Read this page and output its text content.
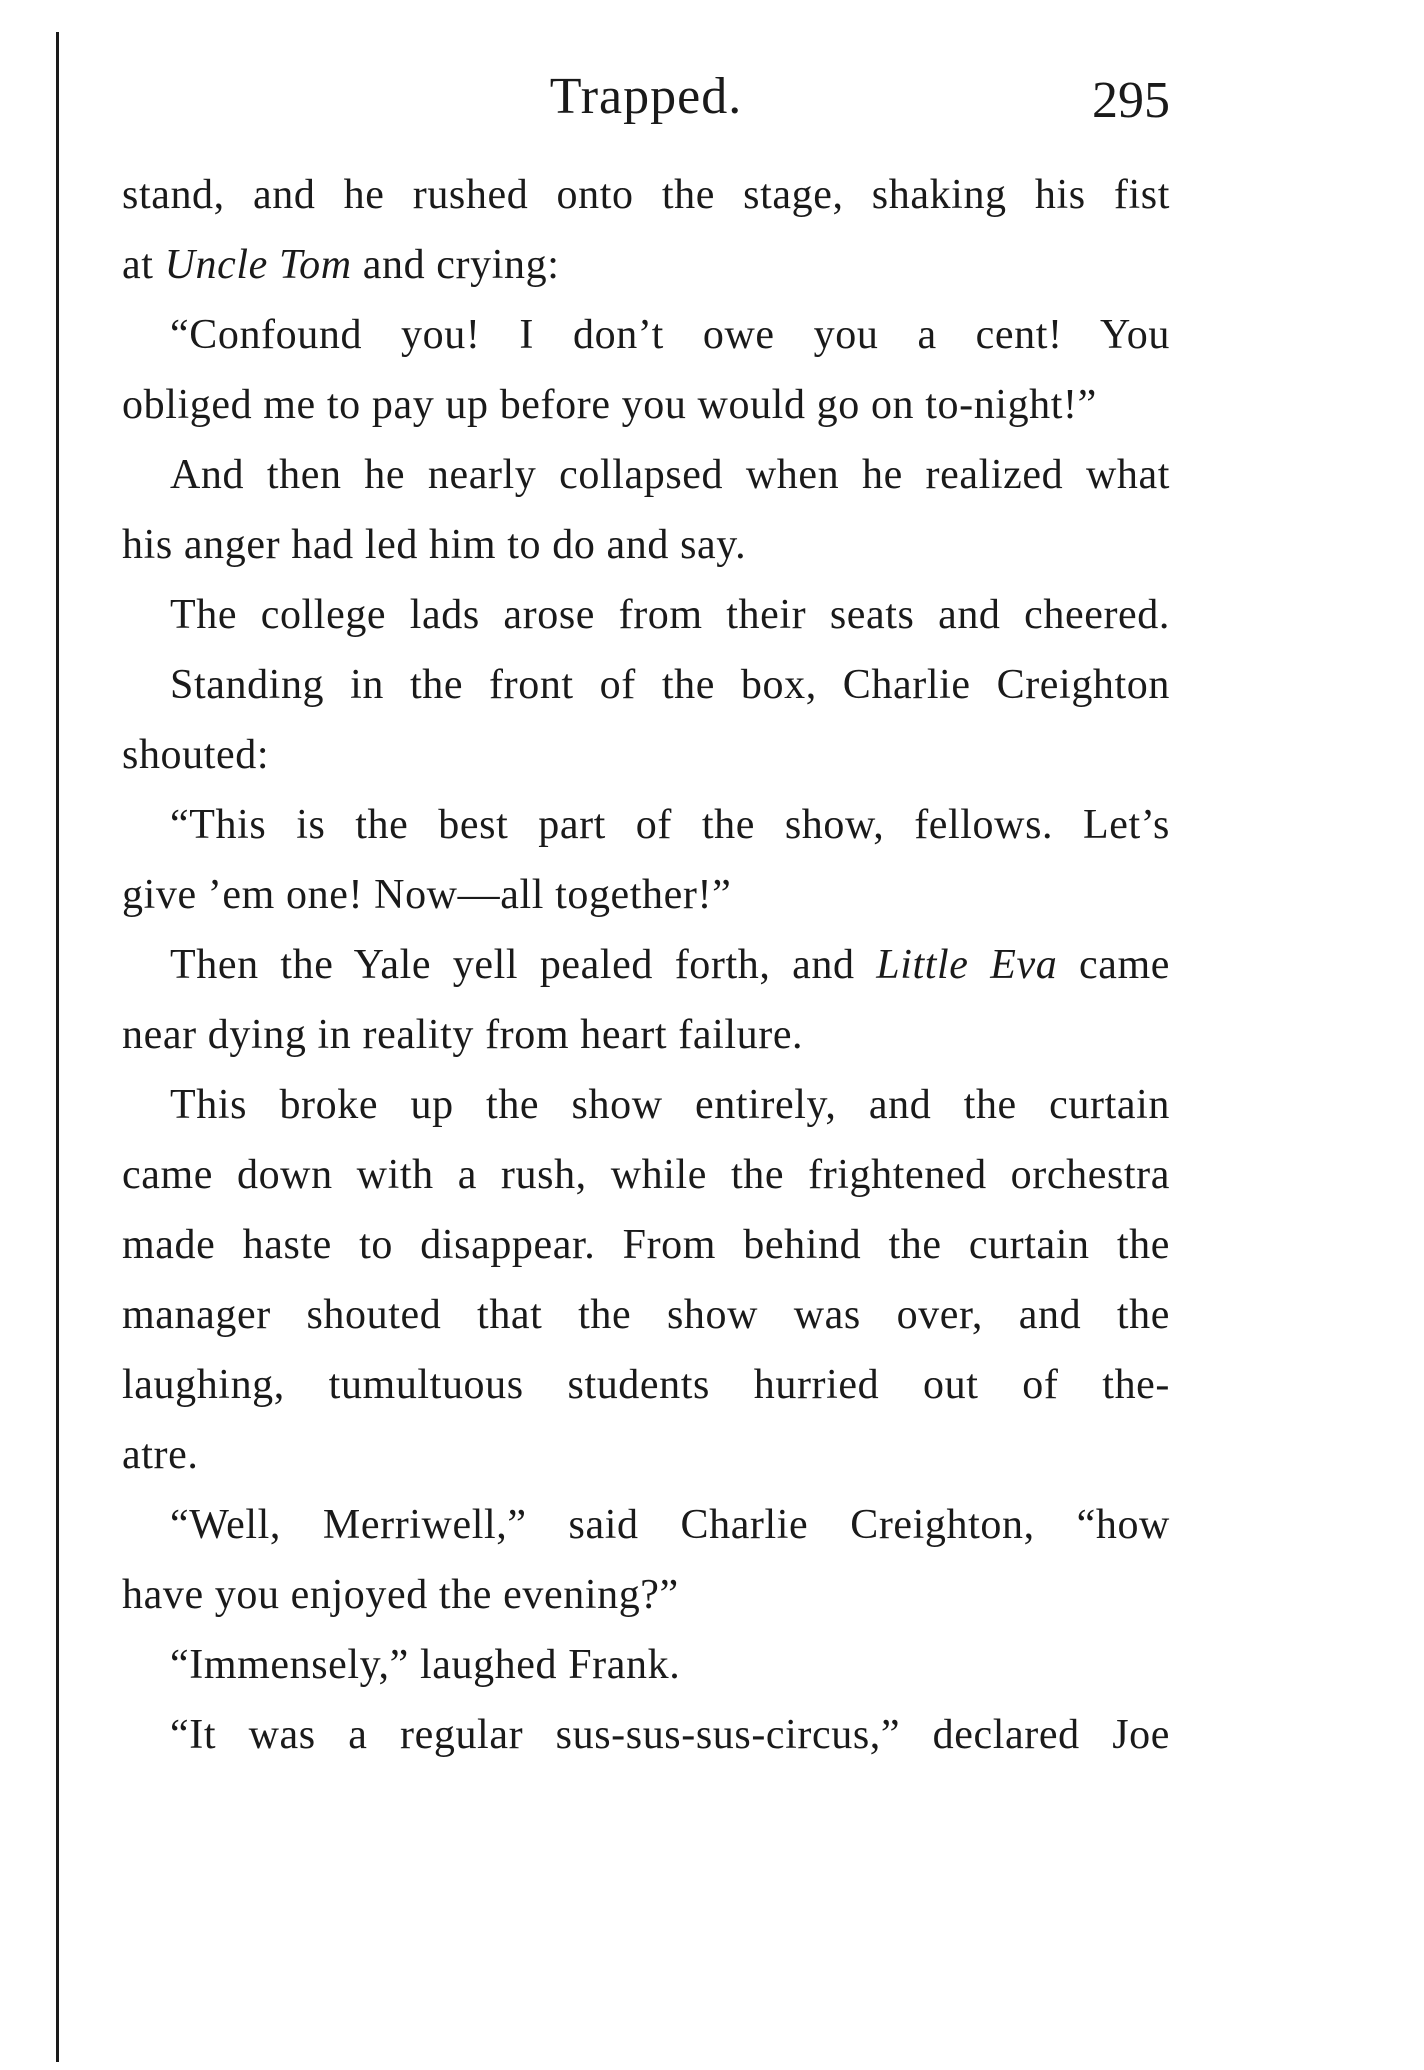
Trapped.	295
stand, and he rushed onto the stage, shaking his fist
at Uncle Tom and crying:
“Confound you! I don’t owe you a cent! You
obliged me to pay up before you would go on to-night!”
And then he nearly collapsed when he realized what
his anger had led him to do and say.
The college lads arose from their seats and cheered.
Standing in the front of the box, Charlie Creighton
shouted:
“This is the best part of the show, fellows. Let’s
give ’em one! Now—all together!”
Then the Yale yell pealed forth, and Little Eva came
near dying in reality from heart failure.
This broke up the show entirely, and the curtain
came down with a rush, while the frightened orchestra
made haste to disappear. From behind the curtain the
manager shouted that the show was over, and the
laughing, tumultuous students hurried out of the-
atre.
“Well, Merriwell,” said Charlie Creighton, “how
have you enjoyed the evening?”
“Immensely,” laughed Frank.
“It was a regular sus-sus-sus-circus,” declared Joe
